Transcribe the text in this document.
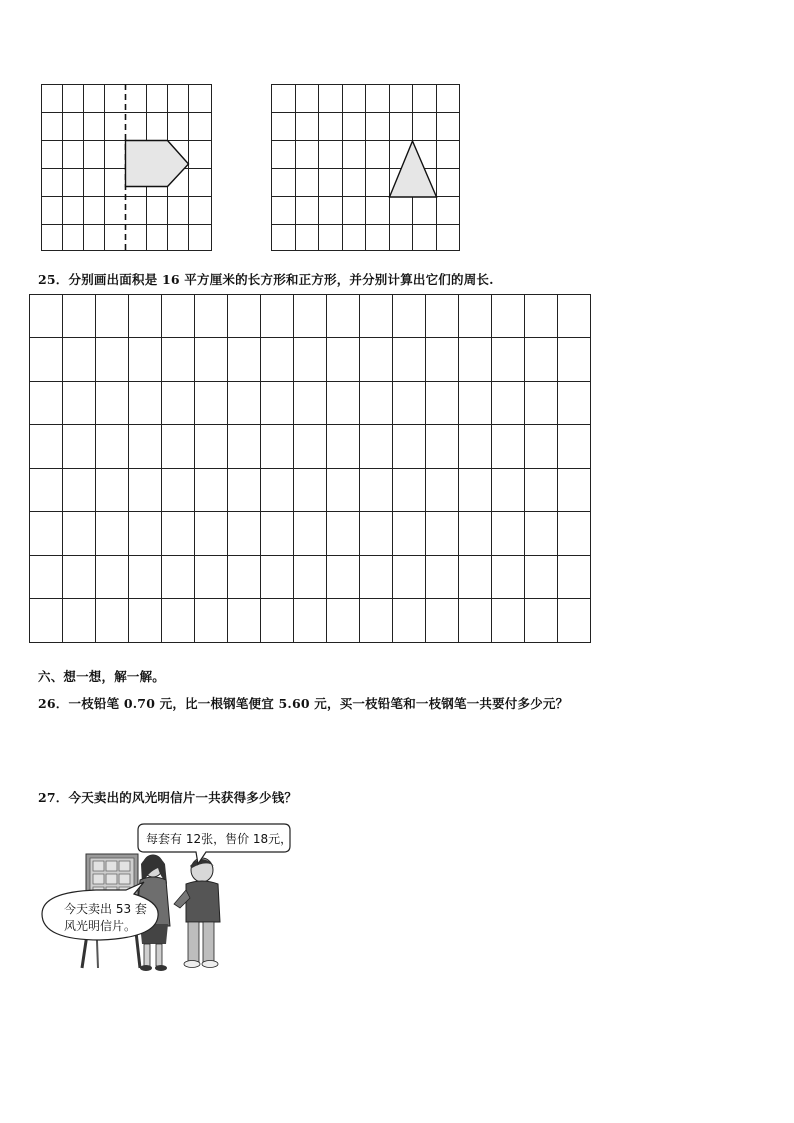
25．分别画出面积是 16 平方厘米的长方形和正方形，并分别计算出它们的周长.
六、想一想，解一解。
26．一枝铅笔 0.70 元，比一根钢笔便宜 5.60 元，买一枝铅笔和一枝钢笔一共要付多少元？
27．今天卖出的风光明信片一共获得多少钱？
每套有 12张，售价 18元，
今天卖出 53 套
风光明信片。
